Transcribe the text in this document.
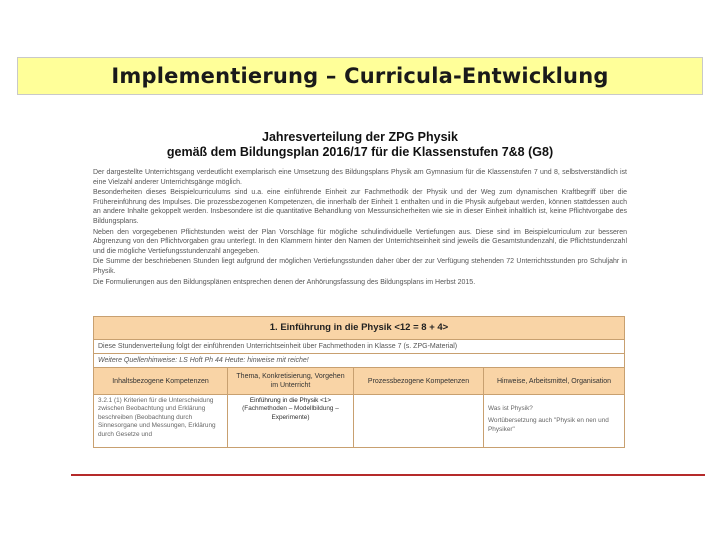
Implementierung – Curricula-Entwicklung
Jahresverteilung der ZPG Physik
gemäß dem Bildungsplan 2016/17 für die Klassenstufen 7&8 (G8)

Der dargestellte Unterrichtsgang verdeutlicht exemplarisch eine Umsetzung des Bildungsplans Physik am Gymnasium für die Klassenstufen 7 und 8, selbstverständlich ist eine Vielzahl anderer Unterrichtsgänge möglich.

Besonderheiten dieses Beispielcurriculums sind u.a. eine einführende Einheit zur Fachmethodik der Physik und der Weg zum dynamischen Kraftbegriff über die Frühereinführung des Impulses. Die prozessbezogenen Kompetenzen, die innerhalb der Einheit 1 enthalten und in die Physik aufgebaut werden, können stattdessen auch an andere Inhalte gekoppelt werden. Insbesondere ist die quantitative Behandlung von Messunsicherheiten wie sie in dieser Einheit inhaltlich ist, keine Pflichtvorgabe des Bildungsplans.

Neben den vorgegebenen Pflichtstunden weist der Plan Vorschläge für mögliche schulindividuelle Vertiefungen aus. Diese sind im Beispielcurriculum zur besseren Abgrenzung von den Pflichtvorgaben grau unterlegt. In den Klammern hinter den Namen der Unterrichtseinheit sind jeweils die Gesamtstundenzahl, die Pflichtstundenzahl und die mögliche Vertiefungsstundenzahl angegeben.

Die Summe der beschriebenen Stunden liegt aufgrund der möglichen Vertiefungsstunden daher über der zur Verfügung stehenden 72 Unterrichtsstunden pro Schuljahr in Physik.

Die Formulierungen aus den Bildungsplänen entsprechen denen der Anhörungsfassung des Bildungsplans im Herbst 2015.

1. Einführung in die Physik <12 = 8 + 4>
Diese Stundenverteilung folgt der einführenden Unterrichtseinheit über Fachmethoden in Klasse 7 (s. ZPG-Material)
Weitere Quellenhinweise: LS Hoft Ph 44 Heute: hinweise mit reiche!
Inhaltsbezogene Kompetenzen
Thema, Konkretisierung, Vorgehen im Unterricht
Prozessbezogene Kompetenzen	Hinweise, Arbeitsmittel, Organisation
3.2.1 (1) Kriterien für die Unterscheidung zwischen Beobachtung und Erklärung beschreiben (Beobachtung durch Sinnesorgane und Messungen, Erklärung durch Gesetze und
Einführung in die Physik <1>
(Fachmethoden – Modellbildung – Experimente)
Was ist Physik?
Wortübersetzung auch "Physik en nen und Physiker"
